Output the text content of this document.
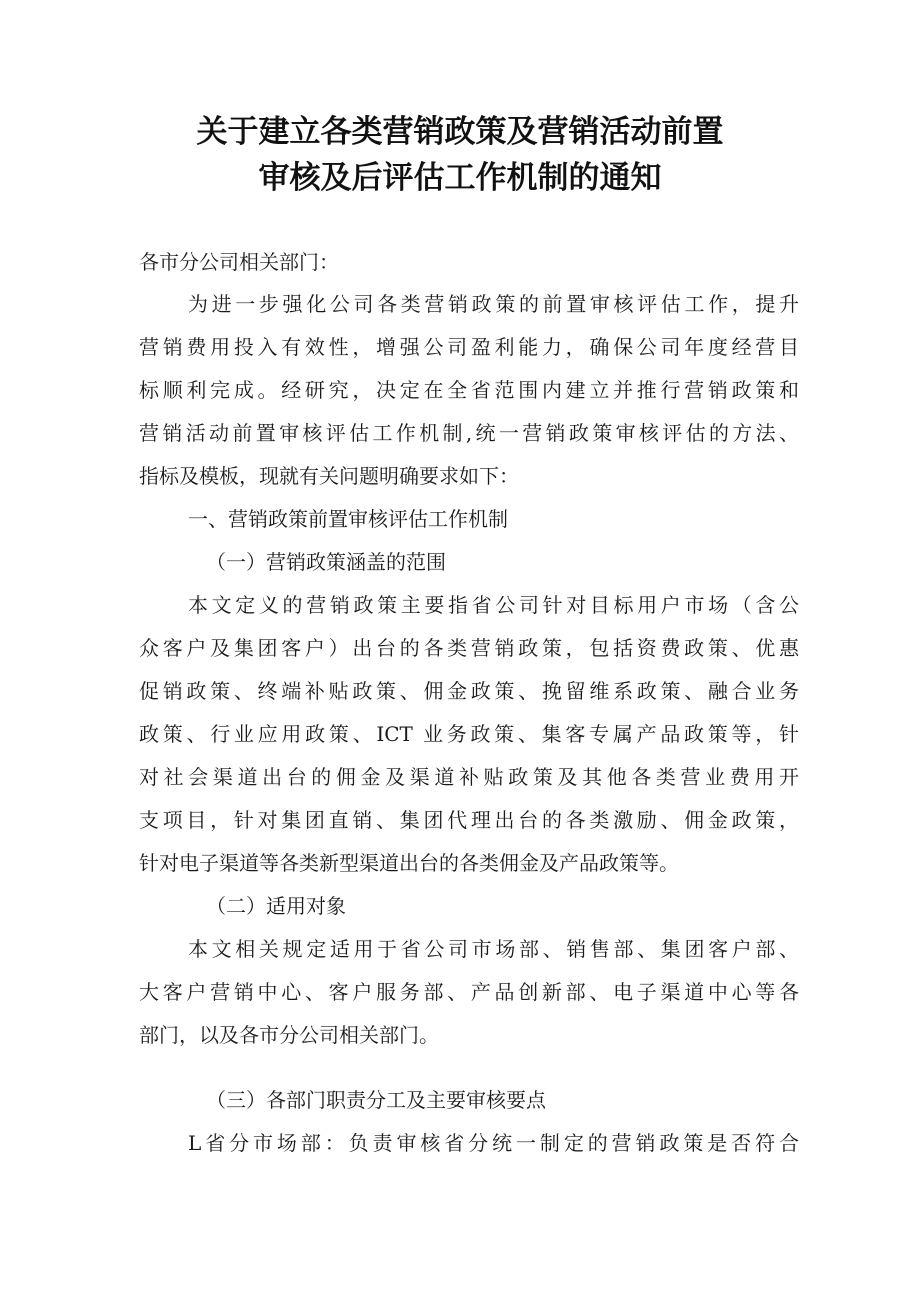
关于建立各类营销政策及营销活动前置
审核及后评估工作机制的通知
各市分公司相关部门：
为进一步强化公司各类营销政策的前置审核评估工作，提升
营销费用投入有效性，增强公司盈利能力，确保公司年度经营目
标顺利完成。经研究，决定在全省范围内建立并推行营销政策和
营销活动前置审核评估工作机制,统一营销政策审核评估的方法、
指标及模板，现就有关问题明确要求如下：
一、营销政策前置审核评估工作机制
（一）营销政策涵盖的范围
本文定义的营销政策主要指省公司针对目标用户市场（含公
众客户及集团客户）出台的各类营销政策，包括资费政策、优惠
促销政策、终端补贴政策、佣金政策、挽留维系政策、融合业务
政策、行业应用政策、ICT 业务政策、集客专属产品政策等，针
对社会渠道出台的佣金及渠道补贴政策及其他各类营业费用开
支项目，针对集团直销、集团代理出台的各类激励、佣金政策，
针对电子渠道等各类新型渠道出台的各类佣金及产品政策等。
（二）适用对象
本文相关规定适用于省公司市场部、销售部、集团客户部、
大客户营销中心、客户服务部、产品创新部、电子渠道中心等各
部门，以及各市分公司相关部门。
（三）各部门职责分工及主要审核要点
L省分市场部：负责审核省分统一制定的营销政策是否符合
